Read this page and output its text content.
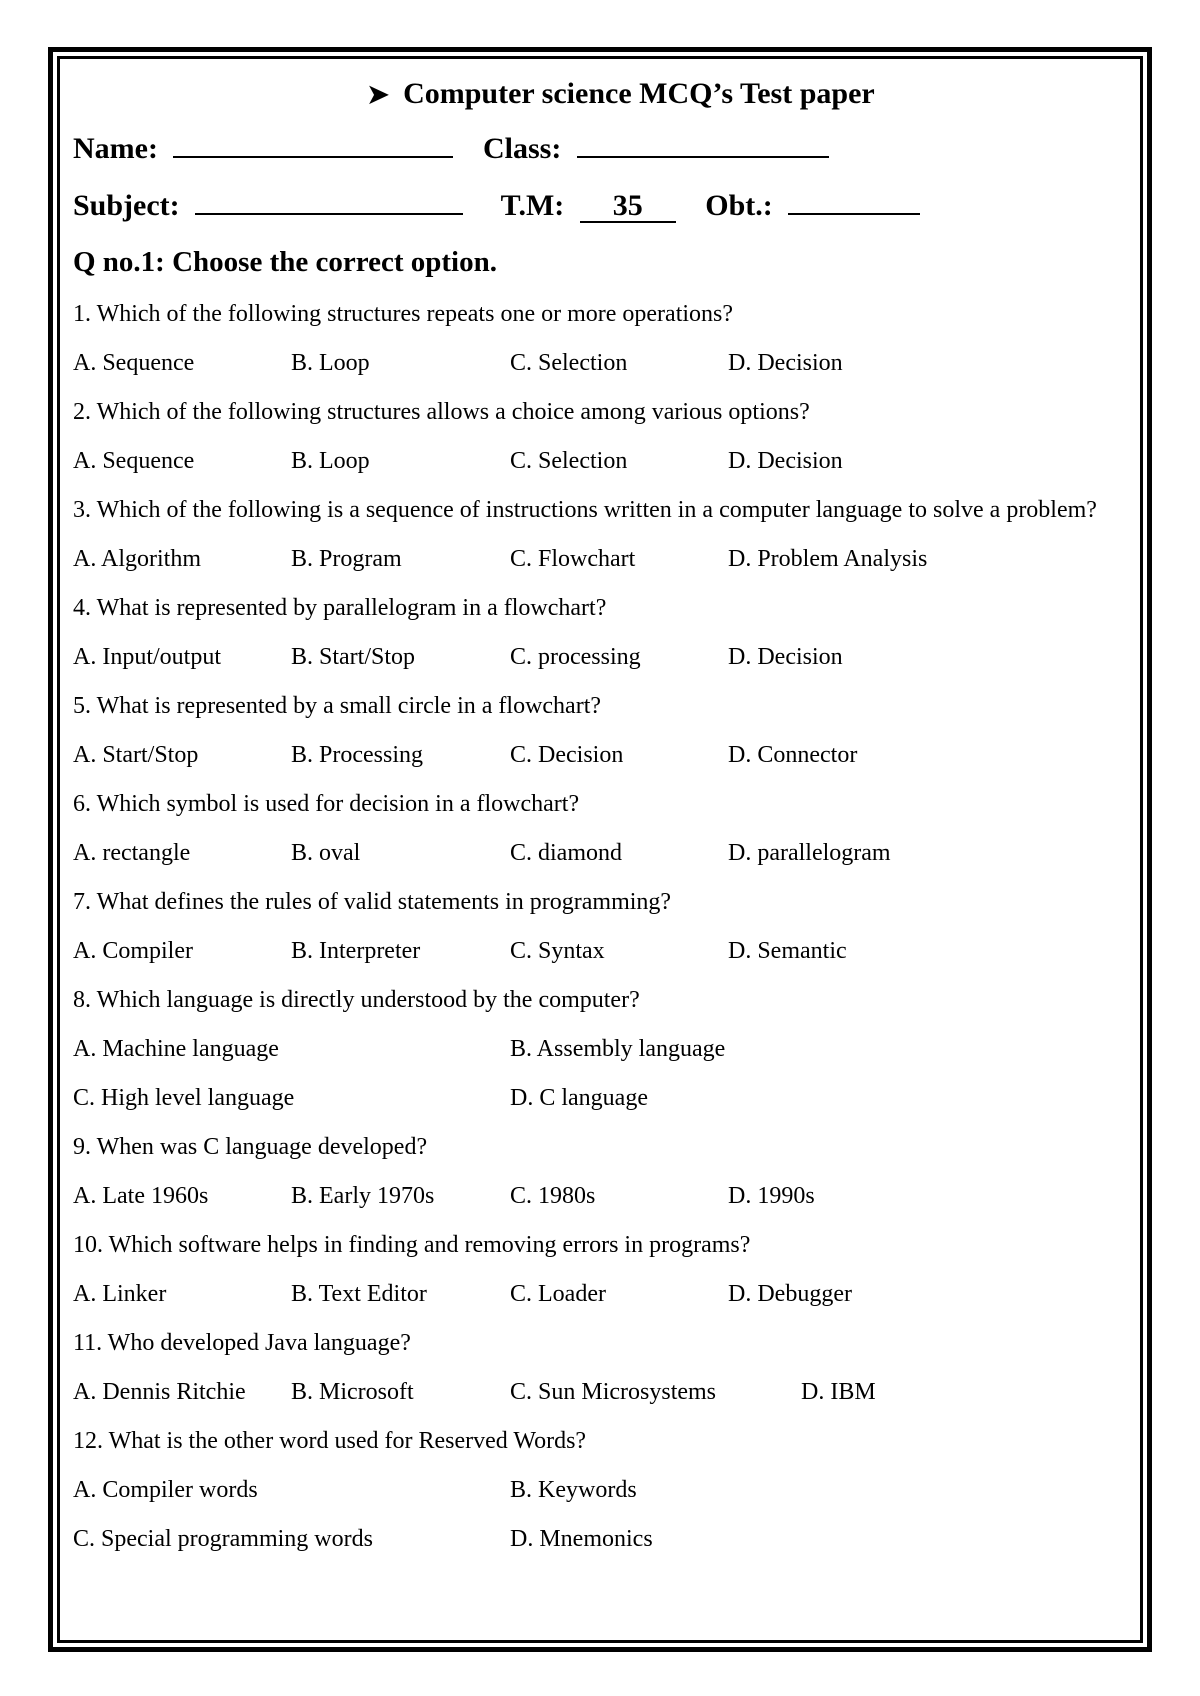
➤ Computer science MCQ’s Test paper
Name:	Class:
Subject:	T.M: 35 Obt.:
Q no.1: Choose the correct option.
1. Which of the following structures repeats one or more operations?
A. Sequence	B. Loop	C. Selection	D. Decision
2. Which of the following structures allows a choice among various options?
A. Sequence	B. Loop	C. Selection	D. Decision
3. Which of the following is a sequence of instructions written in a computer language to solve a problem?
A. Algorithm	B. Program	C. Flowchart	D. Problem Analysis
4. What is represented by parallelogram in a flowchart?
A. Input/output	B. Start/Stop	C. processing	D. Decision
5. What is represented by a small circle in a flowchart?
A. Start/Stop	B. Processing	C. Decision	D. Connector
6. Which symbol is used for decision in a flowchart?
A. rectangle	B. oval	C. diamond	D. parallelogram
7. What defines the rules of valid statements in programming?
A. Compiler	B. Interpreter	C. Syntax	D. Semantic
8. Which language is directly understood by the computer?
A. Machine language	B. Assembly language
C. High level language	D. C language
9. When was C language developed?
A. Late 1960s	B. Early 1970s	C. 1980s	D. 1990s
10. Which software helps in finding and removing errors in programs?
A. Linker	B. Text Editor	C. Loader	D. Debugger
11. Who developed Java language?
A. Dennis Ritchie B. Microsoft	C. Sun Microsystems	D. IBM
12. What is the other word used for Reserved Words?
A. Compiler words	B. Keywords
C. Special programming words	D. Mnemonics
